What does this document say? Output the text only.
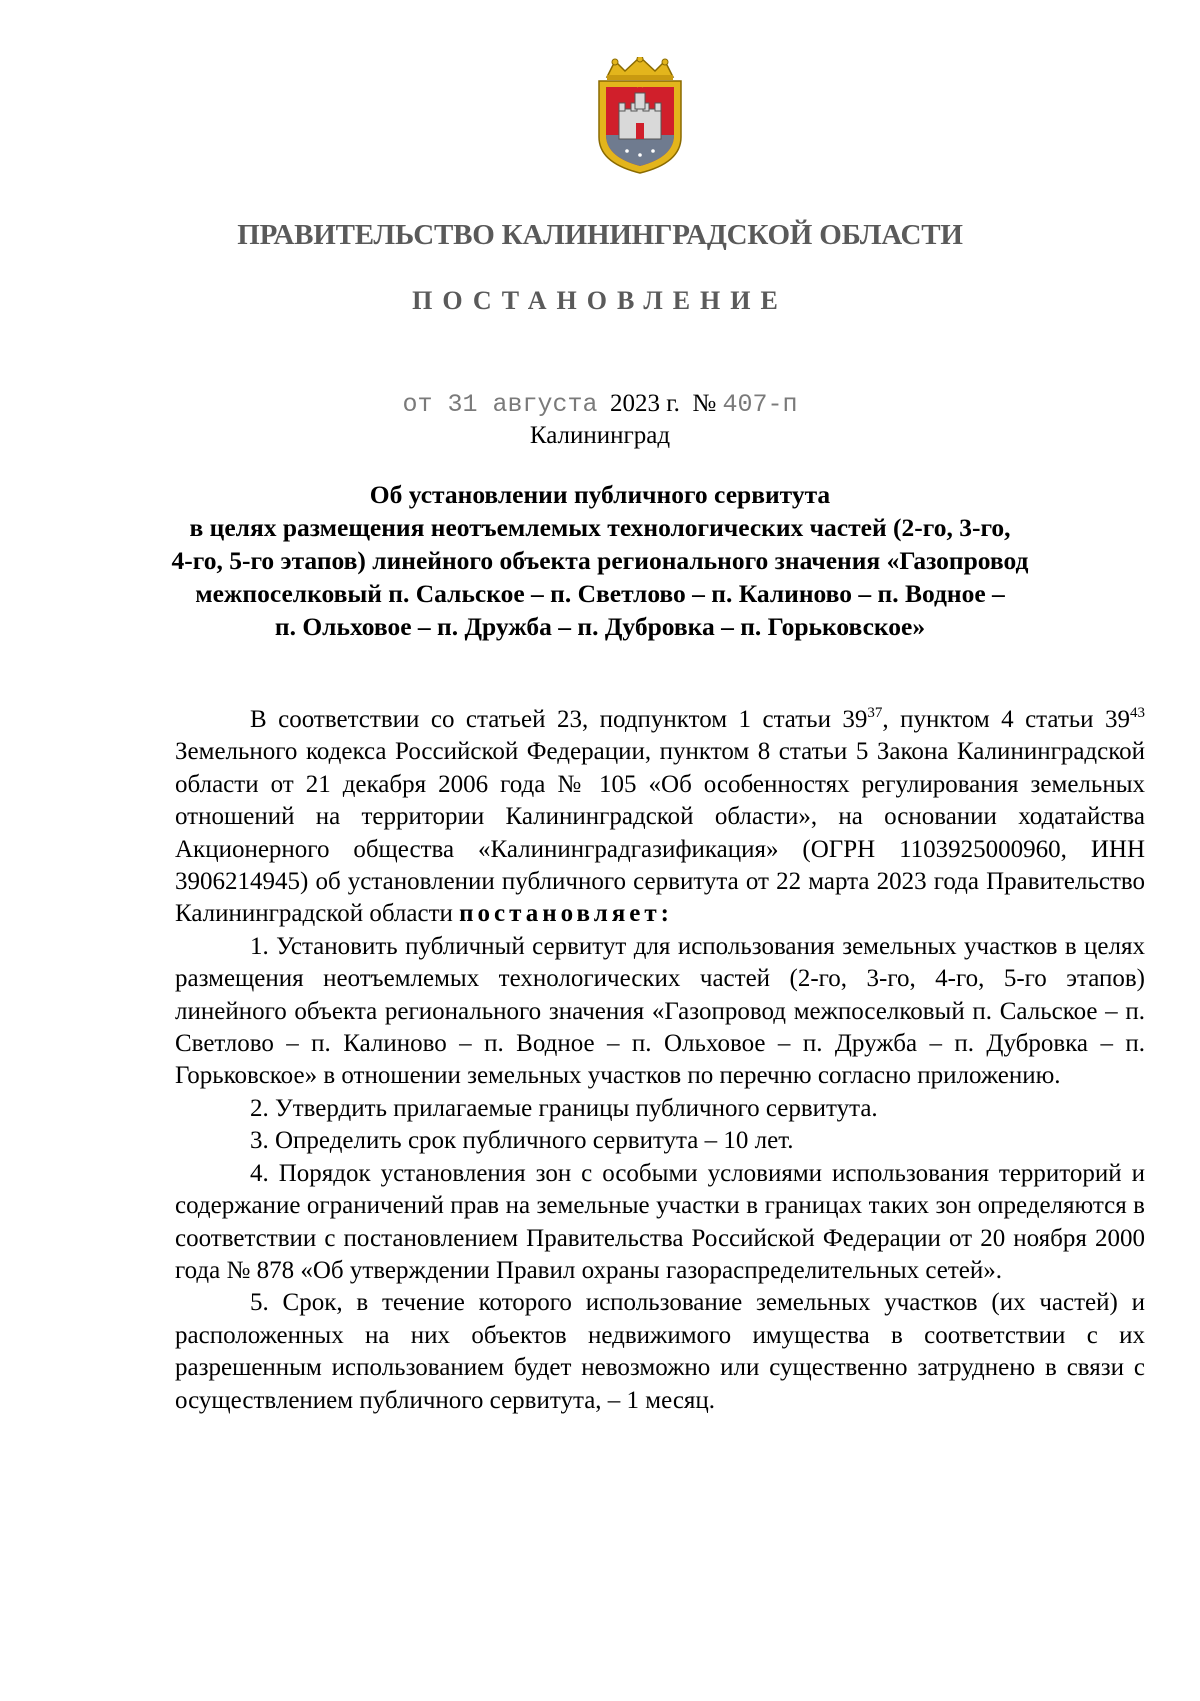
ПРАВИТЕЛЬСТВО КАЛИНИНГРАДСКОЙ ОБЛАСТИ
ПОСТАНОВЛЕНИЕ
от 31 августа 2023 г. № 407-п
Калининград
Об установлении публичного сервитута
в целях размещения неотъемлемых технологических частей (2-го, 3-го,
4-го, 5-го этапов) линейного объекта регионального значения «Газопровод
межпоселковый п. Сальское – п. Светлово – п. Калиново – п. Водное –
п. Ольховое – п. Дружба – п. Дубровка – п. Горьковское»

В соответствии со статьей 23, подпунктом 1 статьи $39^{37}$, пунктом 4 статьи $39^{43}$ Земельного кодекса Российской Федерации, пунктом 8 статьи 5 Закона Калининградской области от 21 декабря 2006 года № 105 «Об особенностях регулирования земельных отношений на территории Калининградской области», на основании ходатайства Акционерного общества «Калининградгазификация» (ОГРН 1103925000960, ИНН 3906214945) об установлении публичного сервитута от 22 марта 2023 года Правительство Калининградской области постановляет:

1. Установить публичный сервитут для использования земельных участков в целях размещения неотъемлемых технологических частей (2-го, 3-го, 4-го, 5-го этапов) линейного объекта регионального значения «Газопровод межпоселковый п. Сальское – п. Светлово – п. Калиново – п. Водное – п. Ольховое – п. Дружба – п. Дубровка – п. Горьковское» в отношении земельных участков по перечню согласно приложению.

2. Утвердить прилагаемые границы публичного сервитута.

3. Определить срок публичного сервитута – 10 лет.

4. Порядок установления зон с особыми условиями использования территорий и содержание ограничений прав на земельные участки в границах таких зон определяются в соответствии с постановлением Правительства Российской Федерации от 20 ноября 2000 года № 878 «Об утверждении Правил охраны газораспределительных сетей».

5. Срок, в течение которого использование земельных участков (их частей) и расположенных на них объектов недвижимого имущества в соответствии с их разрешенным использованием будет невозможно или существенно затруднено в связи с осуществлением публичного сервитута, – 1 месяц.
